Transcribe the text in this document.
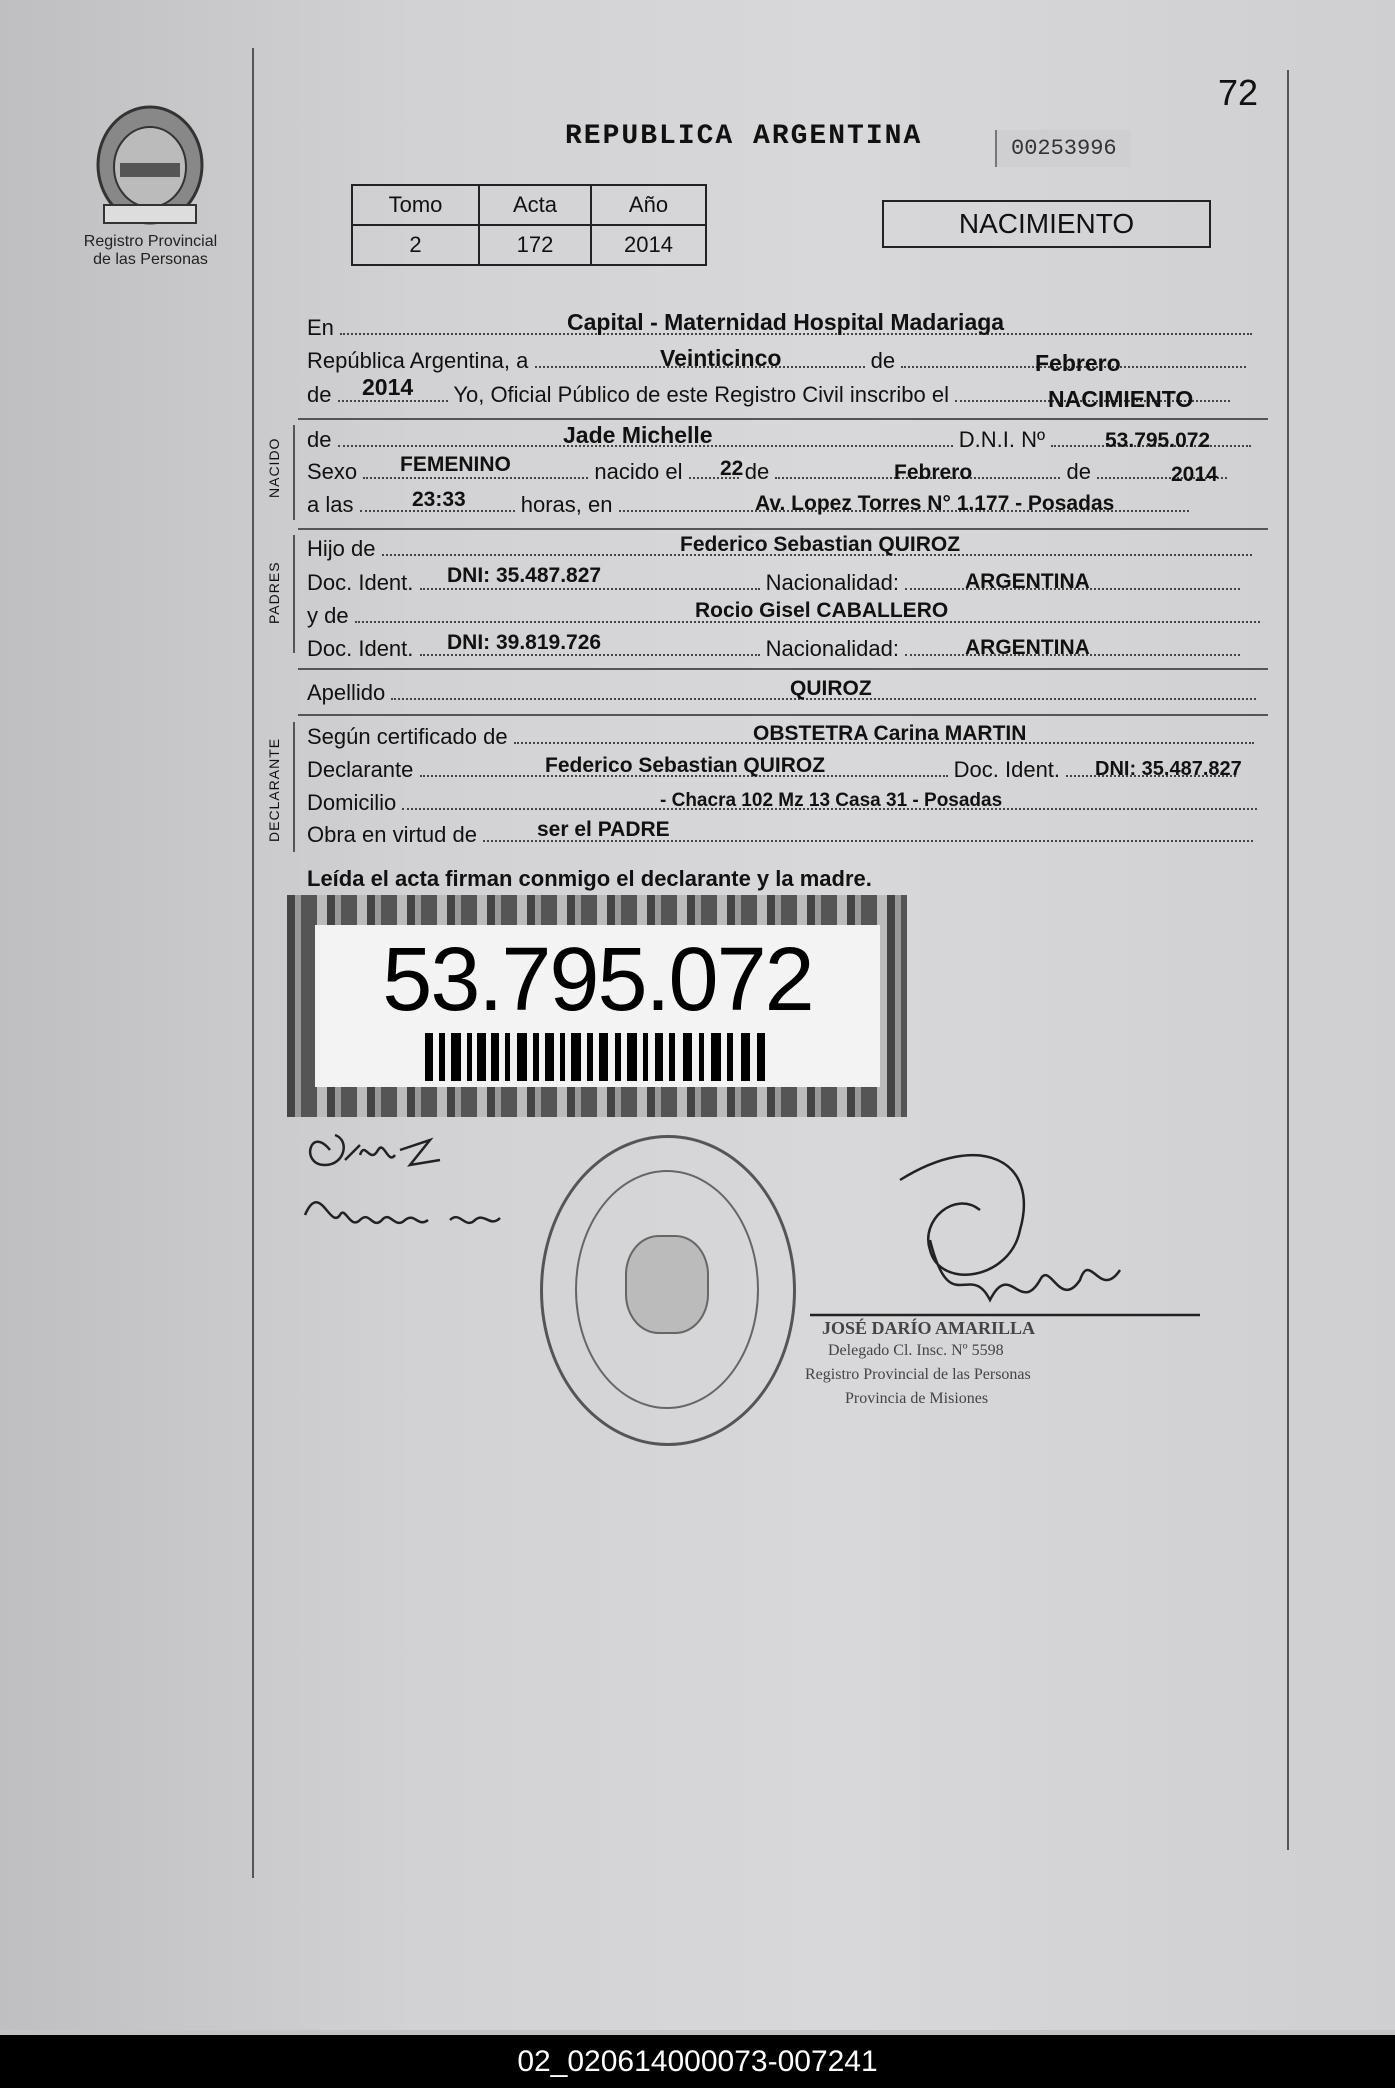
72
Registro Provincial
de las Personas
REPUBLICA ARGENTINA	00253996
Tomo	Acta	Año
2	172	2014
NACIMIENTO
En	Capital - Maternidad Hospital Madariaga
República Argentina, a	de
Veinticinco	Febrero
de	Yo, Oficial Público de este Registro Civil inscribo el
2014	NACIMIENTO
NACIDO de	D.N.I. Nº
Jade Michelle	53.795.072
Sexo	nacido el	de	de
FEMENINO	22	Febrero	2014
a las	horas, en
23:33	Av. Lopez Torres N° 1.177 - Posadas
PADRES
Hijo de	Federico Sebastian QUIROZ
Doc. Ident.	Nacionalidad:
DNI: 35.487.827	ARGENTINA
y de	Rocio Gisel CABALLERO
Doc. Ident.	Nacionalidad:
DNI: 39.819.726	ARGENTINA
Apellido	QUIROZ
DECLARANTE
Según certificado de	OBSTETRA Carina MARTIN
Declarante	Doc. Ident.
Federico Sebastian QUIROZ	DNI: 35.487.827
Domicilio	- Chacra 102 Mz 13 Casa 31 - Posadas
Obra en virtud de	ser el PADRE
Leída el acta firman conmigo el declarante y la madre.
53.795.072
JOSÉ DARÍO AMARILLA
Delegado Cl. Insc. Nº 5598
Registro Provincial de las Personas
Provincia de Misiones
02_020614000073-007241
